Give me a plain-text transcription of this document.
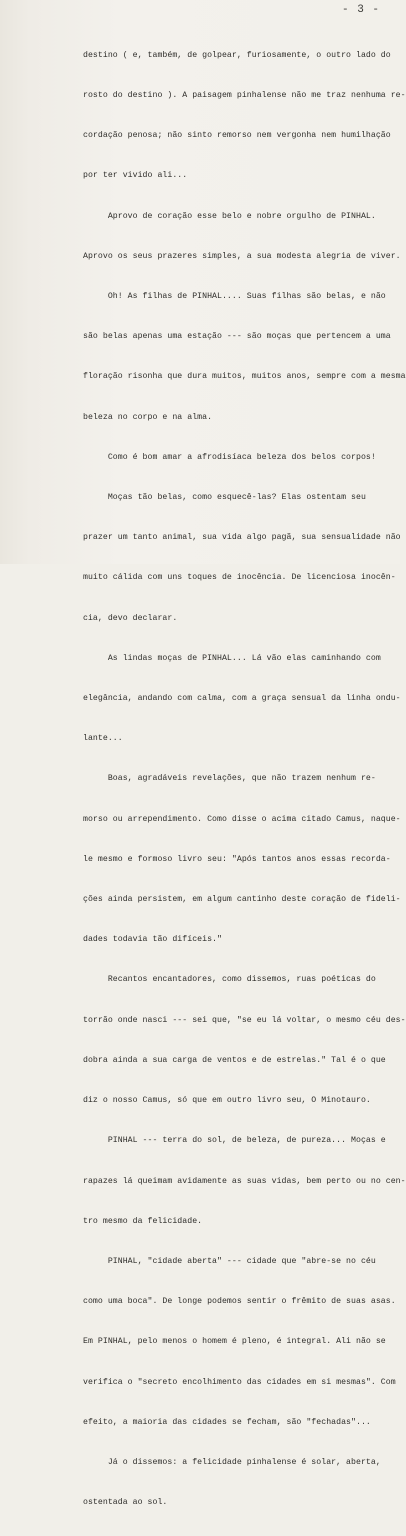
- 3 -

destino ( e, também, de golpear, furiosamente, o outro lado do

rosto do destino ). A paisagem pinhalense não me traz nenhuma re-

cordação penosa; não sinto remorso nem vergonha nem humilhação

por ter vivido ali...

Aprovo de coração esse belo e nobre orgulho de PINHAL.

Aprovo os seus prazeres simples, a sua modesta alegria de viver.

Oh! As filhas de PINHAL.... Suas filhas são belas, e não

são belas apenas uma estação --- são moças que pertencem a uma

floração risonha que dura muitos, muitos anos, sempre com a mesma

beleza no corpo e na alma.

Como é bom amar a afrodisíaca beleza dos belos corpos!

Moças tão belas, como esquecê-las? Elas ostentam seu

prazer um tanto animal, sua vida algo pagã, sua sensualidade não

muito cálida com uns toques de inocência. De licenciosa inocên-

cia, devo declarar.

As lindas moças de PINHAL... Lá vão elas caminhando com

elegância, andando com calma, com a graça sensual da linha ondu-

lante...

Boas, agradáveis revelações, que não trazem nenhum re-

morso ou arrependimento. Como disse o acima citado Camus, naque-

le mesmo e formoso livro seu: "Após tantos anos essas recorda-

ções ainda persistem, em algum cantinho deste coração de fideli-

dades todavia tão difíceis."

Recantos encantadores, como dissemos, ruas poéticas do

torrão onde nasci --- sei que, "se eu lá voltar, o mesmo céu des-

dobra ainda a sua carga de ventos e de estrelas." Tal é o que

diz o nosso Camus, só que em outro livro seu, O Minotauro.

PINHAL --- terra do sol, de beleza, de pureza... Moças e

rapazes lá queimam avidamente as suas vidas, bem perto ou no cen-

tro mesmo da felicidade.

PINHAL, "cidade aberta" --- cidade que "abre-se no céu

como uma boca". De longe podemos sentir o frêmito de suas asas.

Em PINHAL, pelo menos o homem é pleno, é integral. Ali não se

verifica o "secreto encolhimento das cidades em si mesmas". Com

efeito, a maioria das cidades se fecham, são "fechadas"...

Já o dissemos: a felicidade pinhalense é solar, aberta,

ostentada ao sol.
